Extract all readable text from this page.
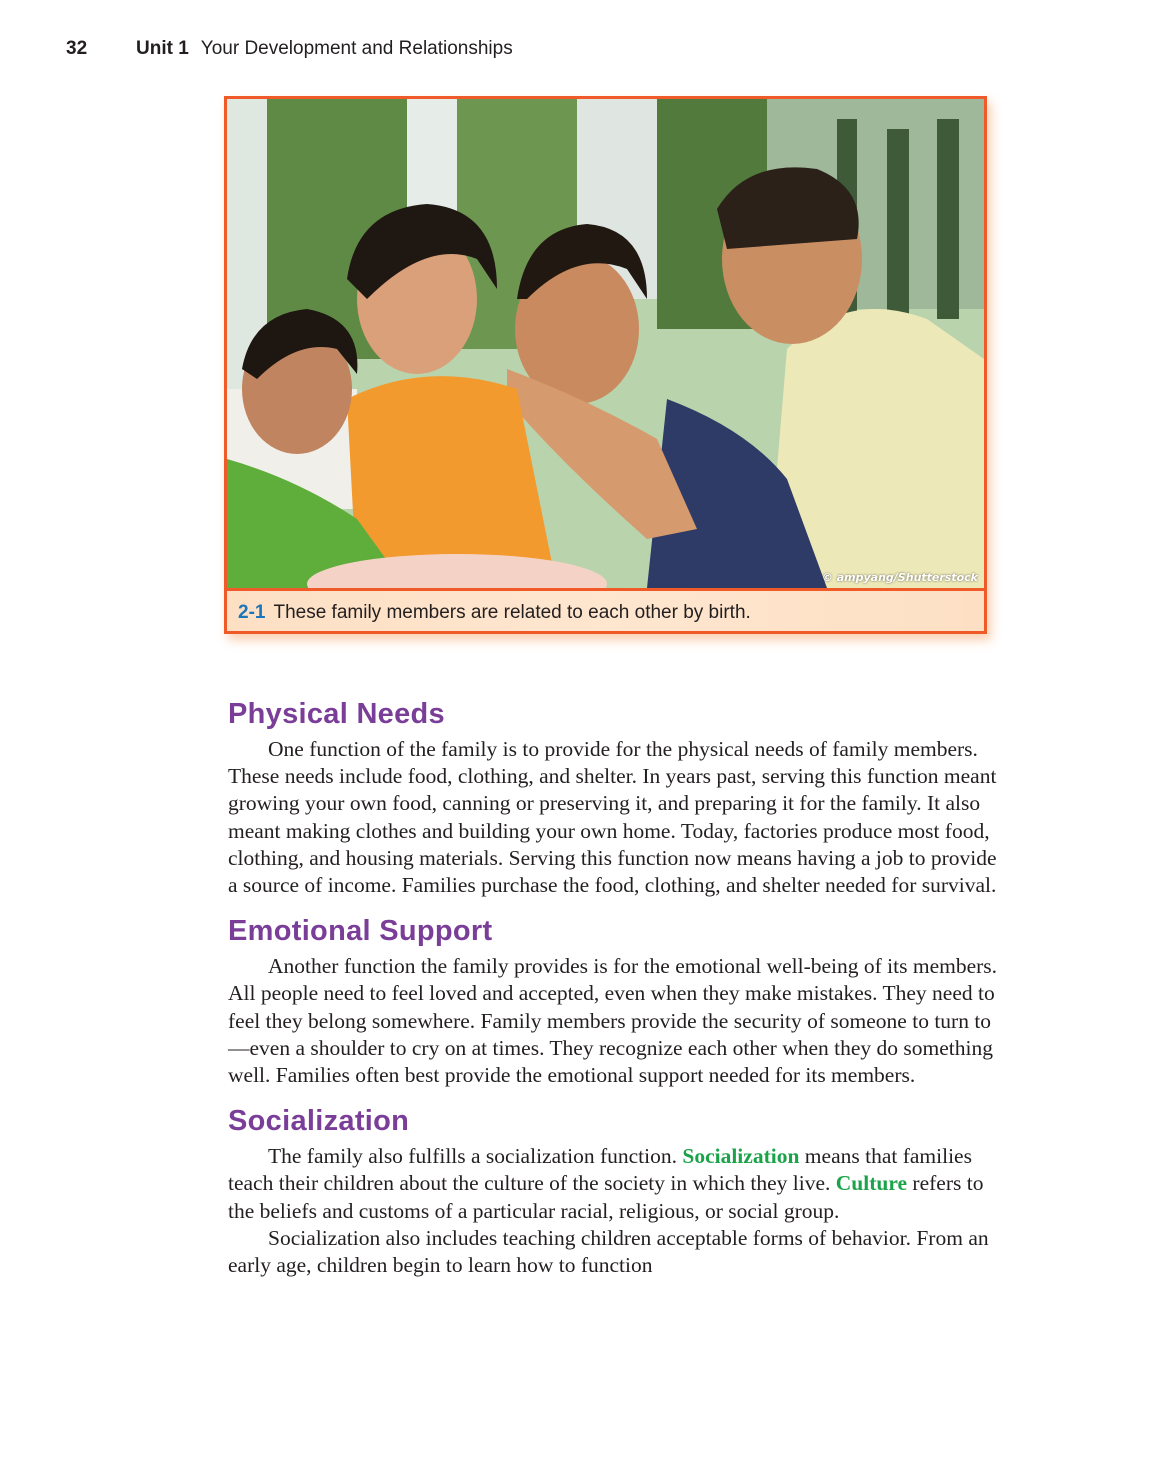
32	Unit 1 Your Development and Relationships
© ampyang/Shutterstock
2-1 These family members are related to each other by birth.
Physical Needs

One function of the family is to provide for the physical needs of family members. These needs include food, clothing, and shelter. In years past, serving this function meant growing your own food, canning or preserving it, and preparing it for the family. It also meant making clothes and building your own home. Today, factories produce most food, clothing, and housing materials. Serving this function now means having a job to provide a source of income. Families purchase the food, clothing, and shelter needed for survival.

Emotional Support

Another function the family provides is for the emotional well-being of its members. All people need to feel loved and accepted, even when they make mistakes. They need to feel they belong somewhere. Family members provide the security of someone to turn to—even a shoulder to cry on at times. They recognize each other when they do something well. Families often best provide the emotional support needed for its members.

Socialization

The family also fulfills a socialization function. Socialization means that families teach their children about the culture of the society in which they live. Culture refers to the beliefs and customs of a particular racial, religious, or social group.

Socialization also includes teaching children acceptable forms of behavior. From an early age, children begin to learn how to function
